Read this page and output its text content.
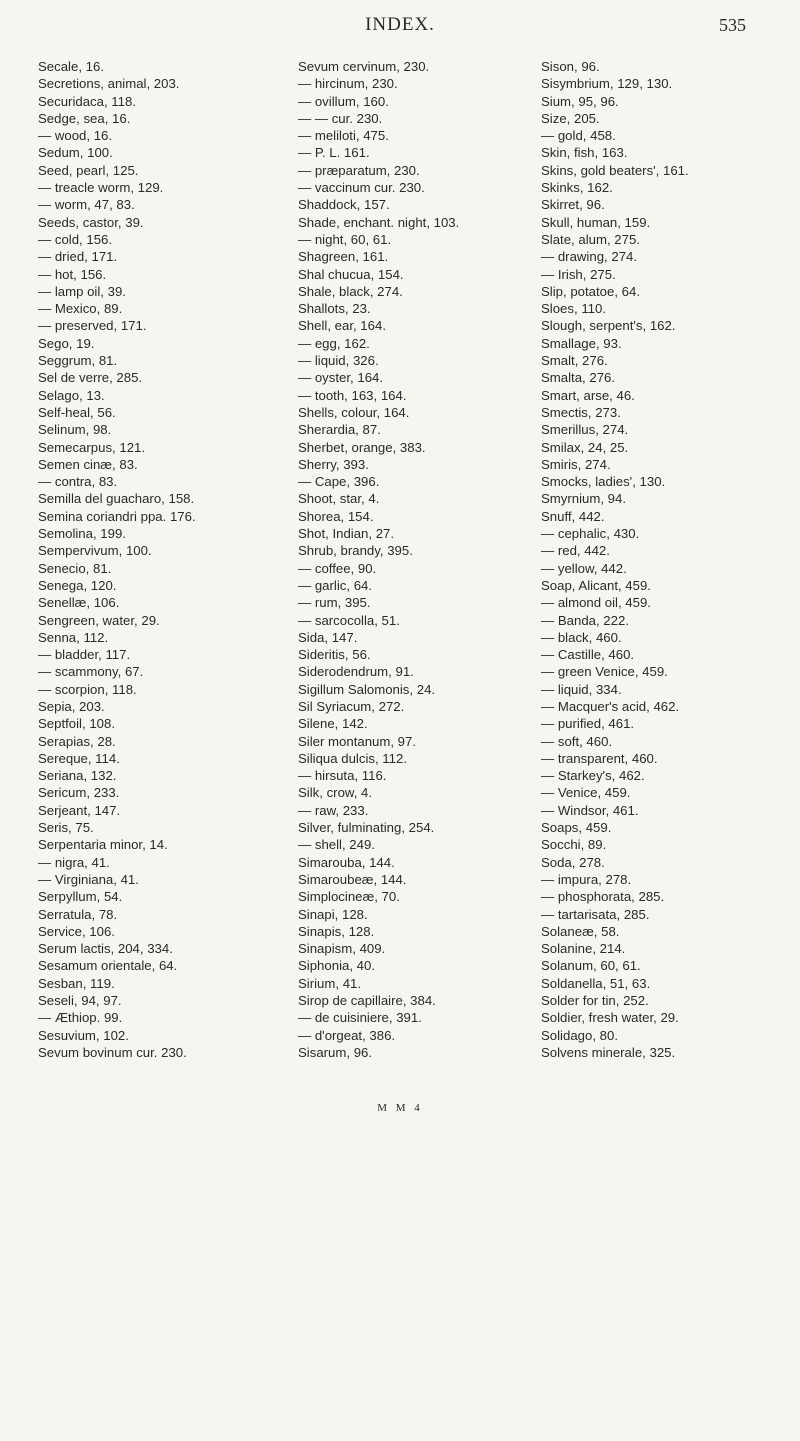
INDEX.	535
Secale, 16.
Secretions, animal, 203.
Securidaca, 118.
Sedge, sea, 16.
— wood, 16.
Sedum, 100.
Seed, pearl, 125.
— treacle worm, 129.
— worm, 47, 83.
Seeds, castor, 39.
— cold, 156.
— dried, 171.
— hot, 156.
— lamp oil, 39.
— Mexico, 89.
— preserved, 171.
Sego, 19.
Seggrum, 81.
Sel de verre, 285.
Selago, 13.
Self-heal, 56.
Selinum, 98.
Semecarpus, 121.
Semen cinæ, 83.
— contra, 83.
Semilla del guacharo, 158.
Semina coriandri ppa. 176.
Semolina, 199.
Sempervivum, 100.
Senecio, 81.
Senega, 120.
Senellæ, 106.
Sengreen, water, 29.
Senna, 112.
— bladder, 117.
— scammony, 67.
— scorpion, 118.
Sepia, 203.
Septfoil, 108.
Serapias, 28.
Sereque, 114.
Seriana, 132.
Sericum, 233.
Serjeant, 147.
Seris, 75.
Serpentaria minor, 14.
— nigra, 41.
— Virginiana, 41.
Serpyllum, 54.
Serratula, 78.
Service, 106.
Serum lactis, 204, 334.
Sesamum orientale, 64.
Sesban, 119.
Seseli, 94, 97.
— Æthiop. 99.
Sesuvium, 102.
Sevum bovinum cur. 230.
Sevum cervinum, 230.
— hircinum, 230.
— ovillum, 160.
— — cur. 230.
— meliloti, 475.
— P. L. 161.
— præparatum, 230.
— vaccinum cur. 230.
Shaddock, 157.
Shade, enchant. night, 103.
— night, 60, 61.
Shagreen, 161.
Shal chucua, 154.
Shale, black, 274.
Shallots, 23.
Shell, ear, 164.
— egg, 162.
— liquid, 326.
— oyster, 164.
— tooth, 163, 164.
Shells, colour, 164.
Sherardia, 87.
Sherbet, orange, 383.
Sherry, 393.
— Cape, 396.
Shoot, star, 4.
Shorea, 154.
Shot, Indian, 27.
Shrub, brandy, 395.
— coffee, 90.
— garlic, 64.
— rum, 395.
— sarcocolla, 51.
Sida, 147.
Sideritis, 56.
Siderodendrum, 91.
Sigillum Salomonis, 24.
Sil Syriacum, 272.
Silene, 142.
Siler montanum, 97.
Siliqua dulcis, 112.
— hirsuta, 116.
Silk, crow, 4.
— raw, 233.
Silver, fulminating, 254.
— shell, 249.
Simarouba, 144.
Simaroubeæ, 144.
Simplocineæ, 70.
Sinapi, 128.
Sinapis, 128.
Sinapism, 409.
Siphonia, 40.
Sirium, 41.
Sirop de capillaire, 384.
— de cuisiniere, 391.
— d'orgeat, 386.
Sisarum, 96.
Sison, 96.
Sisymbrium, 129, 130.
Sium, 95, 96.
Size, 205.
— gold, 458.
Skin, fish, 163.
Skins, gold beaters', 161.
Skinks, 162.
Skirret, 96.
Skull, human, 159.
Slate, alum, 275.
— drawing, 274.
— Irish, 275.
Slip, potatoe, 64.
Sloes, 110.
Slough, serpent's, 162.
Smallage, 93.
Smalt, 276.
Smalta, 276.
Smart, arse, 46.
Smectis, 273.
Smerillus, 274.
Smilax, 24, 25.
Smiris, 274.
Smocks, ladies', 130.
Smyrnium, 94.
Snuff, 442.
— cephalic, 430.
— red, 442.
— yellow, 442.
Soap, Alicant, 459.
— almond oil, 459.
— Banda, 222.
— black, 460.
— Castille, 460.
— green Venice, 459.
— liquid, 334.
— Macquer's acid, 462.
— purified, 461.
— soft, 460.
— transparent, 460.
— Starkey's, 462.
— Venice, 459.
— Windsor, 461.
Soaps, 459.
Socchi, 89.
Soda, 278.
— impura, 278.
— phosphorata, 285.
— tartarisata, 285.
Solaneæ, 58.
Solanine, 214.
Solanum, 60, 61.
Soldanella, 51, 63.
Solder for tin, 252.
Soldier, fresh water, 29.
Solidago, 80.
Solvens minerale, 325.
M M 4
